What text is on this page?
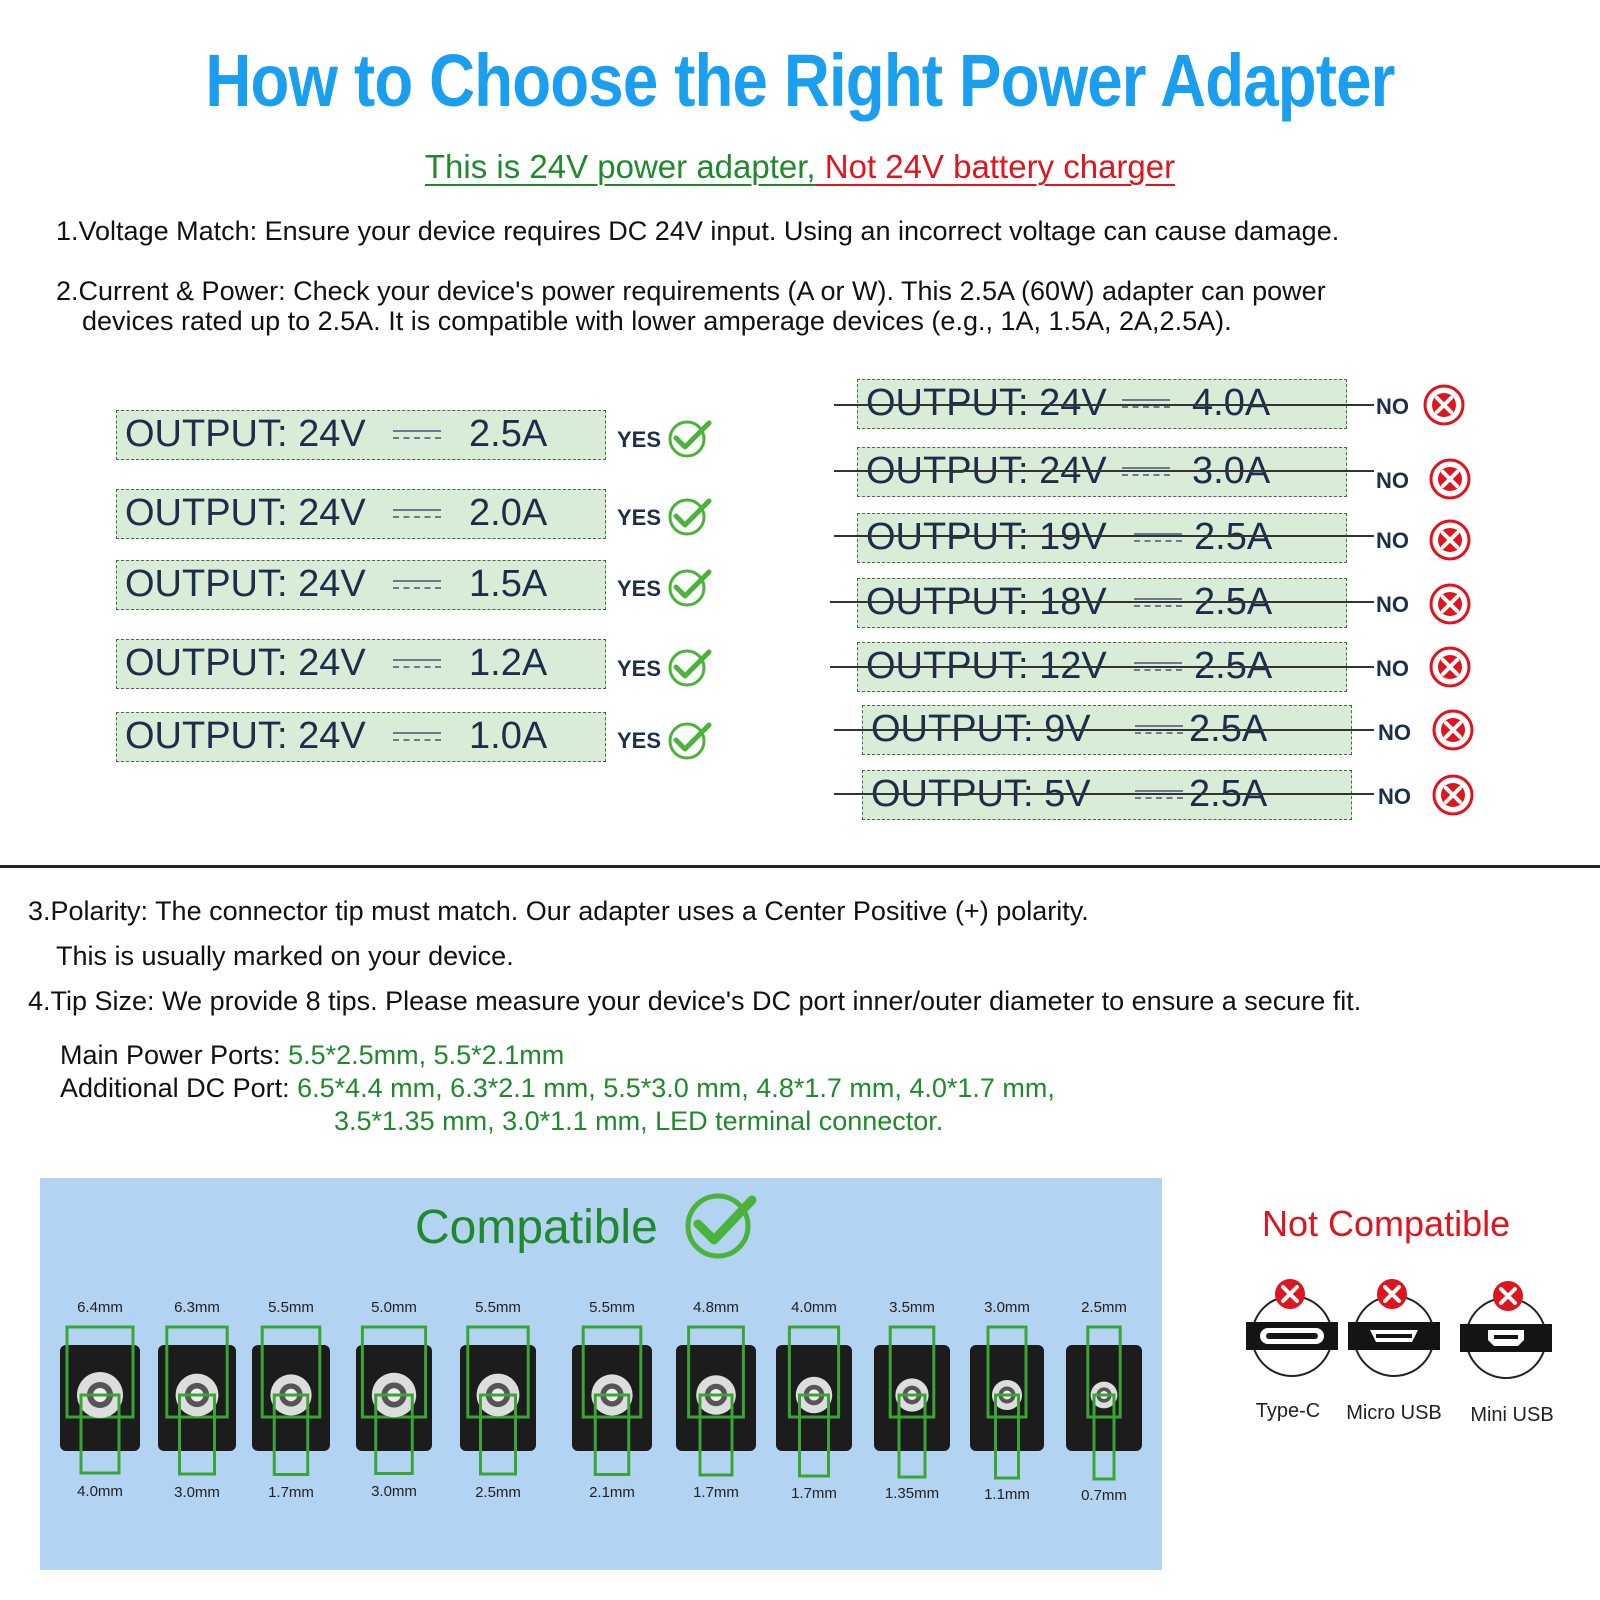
How to Choose the Right Power Adapter
This is 24V power adapter, Not 24V battery charger
1.Voltage Match: Ensure your device requires DC 24V input. Using an incorrect voltage can cause damage.
2.Current & Power: Check your device's power requirements (A or W). This 2.5A (60W) adapter can power
devices rated up to 2.5A. It is compatible with lower amperage devices (e.g., 1A, 1.5A, 2A,2.5A).
OUTPUT: 24V	2.5A	YES
OUTPUT: 24V	2.0A	YES
OUTPUT: 24V	1.5A	YES
OUTPUT: 24V	1.2A	YES
OUTPUT: 24V	1.0A	YES
OUTPUT: 24V 4.0A	NO
OUTPUT: 24V 3.0A	NO
OUTPUT: 19V 2.5A	NO
OUTPUT: 18V 2.5A	NO
OUTPUT: 12V 2.5A	NO
OUTPUT: 9V	2.5A	NO
OUTPUT: 5V	2.5A	NO
3.Polarity: The connector tip must match. Our adapter uses a Center Positive (+) polarity.
This is usually marked on your device.
4.Tip Size: We provide 8 tips. Please measure your device's DC port inner/outer diameter to ensure a secure fit.
Main Power Ports: 5.5*2.5mm, 5.5*2.1mm
Additional DC Port: 6.5*4.4 mm, 6.3*2.1 mm, 5.5*3.0 mm, 4.8*1.7 mm, 4.0*1.7 mm,
3.5*1.35 mm, 3.0*1.1 mm, LED terminal connector.
Compatible
6.4mm
4.0mm
6.3mm
3.0mm
5.5mm
1.7mm
5.0mm
3.0mm
5.5mm
2.5mm
5.5mm
2.1mm
4.8mm
1.7mm
4.0mm
1.7mm
3.5mm
1.35mm
3.0mm
1.1mm
2.5mm
0.7mm
Not Compatible
Type-C	Micro USB	Mini USB
